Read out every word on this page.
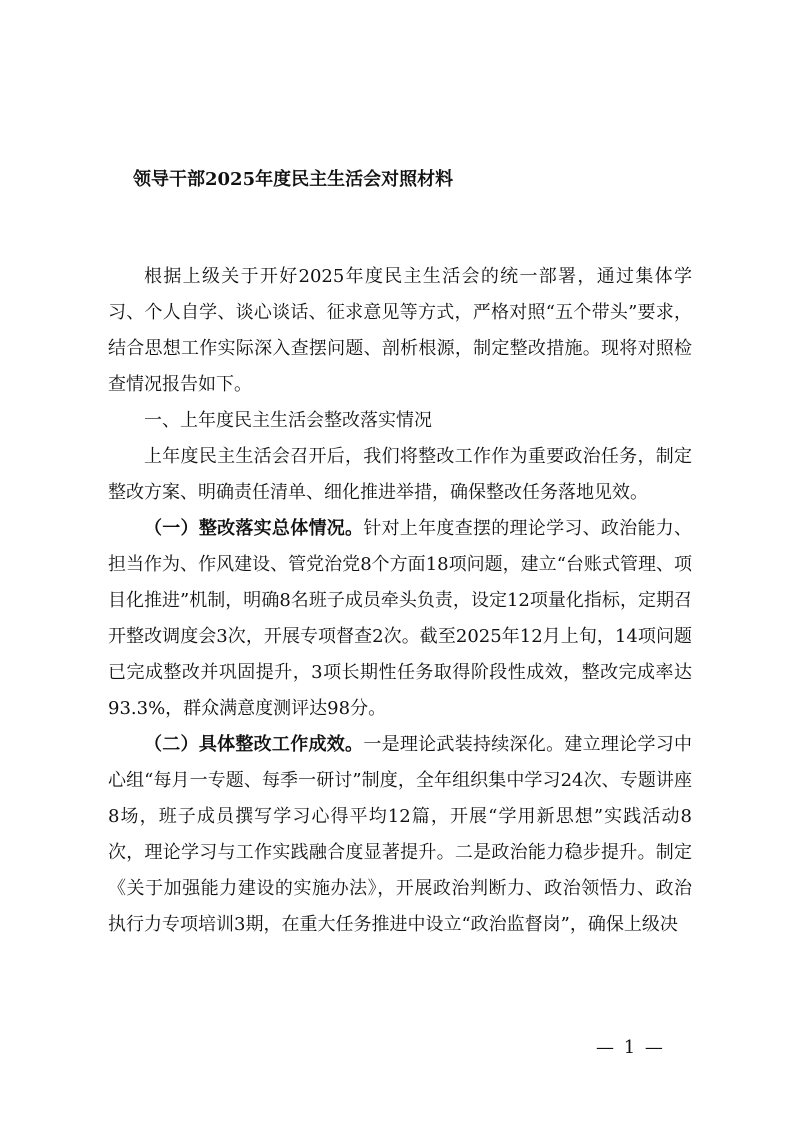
领导干部2025年度民主生活会对照材料

根据上级关于开好2025年度民主生活会的统一部署，通过集体学习、个人自学、谈心谈话、征求意见等方式，严格对照“五个带头”要求，结合思想工作实际深入查摆问题、剖析根源，制定整改措施。现将对照检查情况报告如下。

一、上年度民主生活会整改落实情况

上年度民主生活会召开后，我们将整改工作作为重要政治任务，制定整改方案、明确责任清单、细化推进举措，确保整改任务落地见效。

（一）整改落实总体情况。针对上年度查摆的理论学习、政治能力、担当作为、作风建设、管党治党8个方面18项问题，建立“台账式管理、项目化推进”机制，明确8名班子成员牵头负责，设定12项量化指标，定期召开整改调度会3次，开展专项督查2次。截至2025年12月上旬，14项问题已完成整改并巩固提升，3项长期性任务取得阶段性成效，整改完成率达93.3%，群众满意度测评达98分。

（二）具体整改工作成效。一是理论武装持续深化。建立理论学习中心组“每月一专题、每季一研讨”制度，全年组织集中学习24次、专题讲座8场，班子成员撰写学习心得平均12篇，开展“学用新思想”实践活动8次，理论学习与工作实践融合度显著提升。二是政治能力稳步提升。制定《关于加强能力建设的实施办法》，开展政治判断力、政治领悟力、政治执行力专项培训3期，在重大任务推进中设立“政治监督岗”，确保上级决

— 1 —
